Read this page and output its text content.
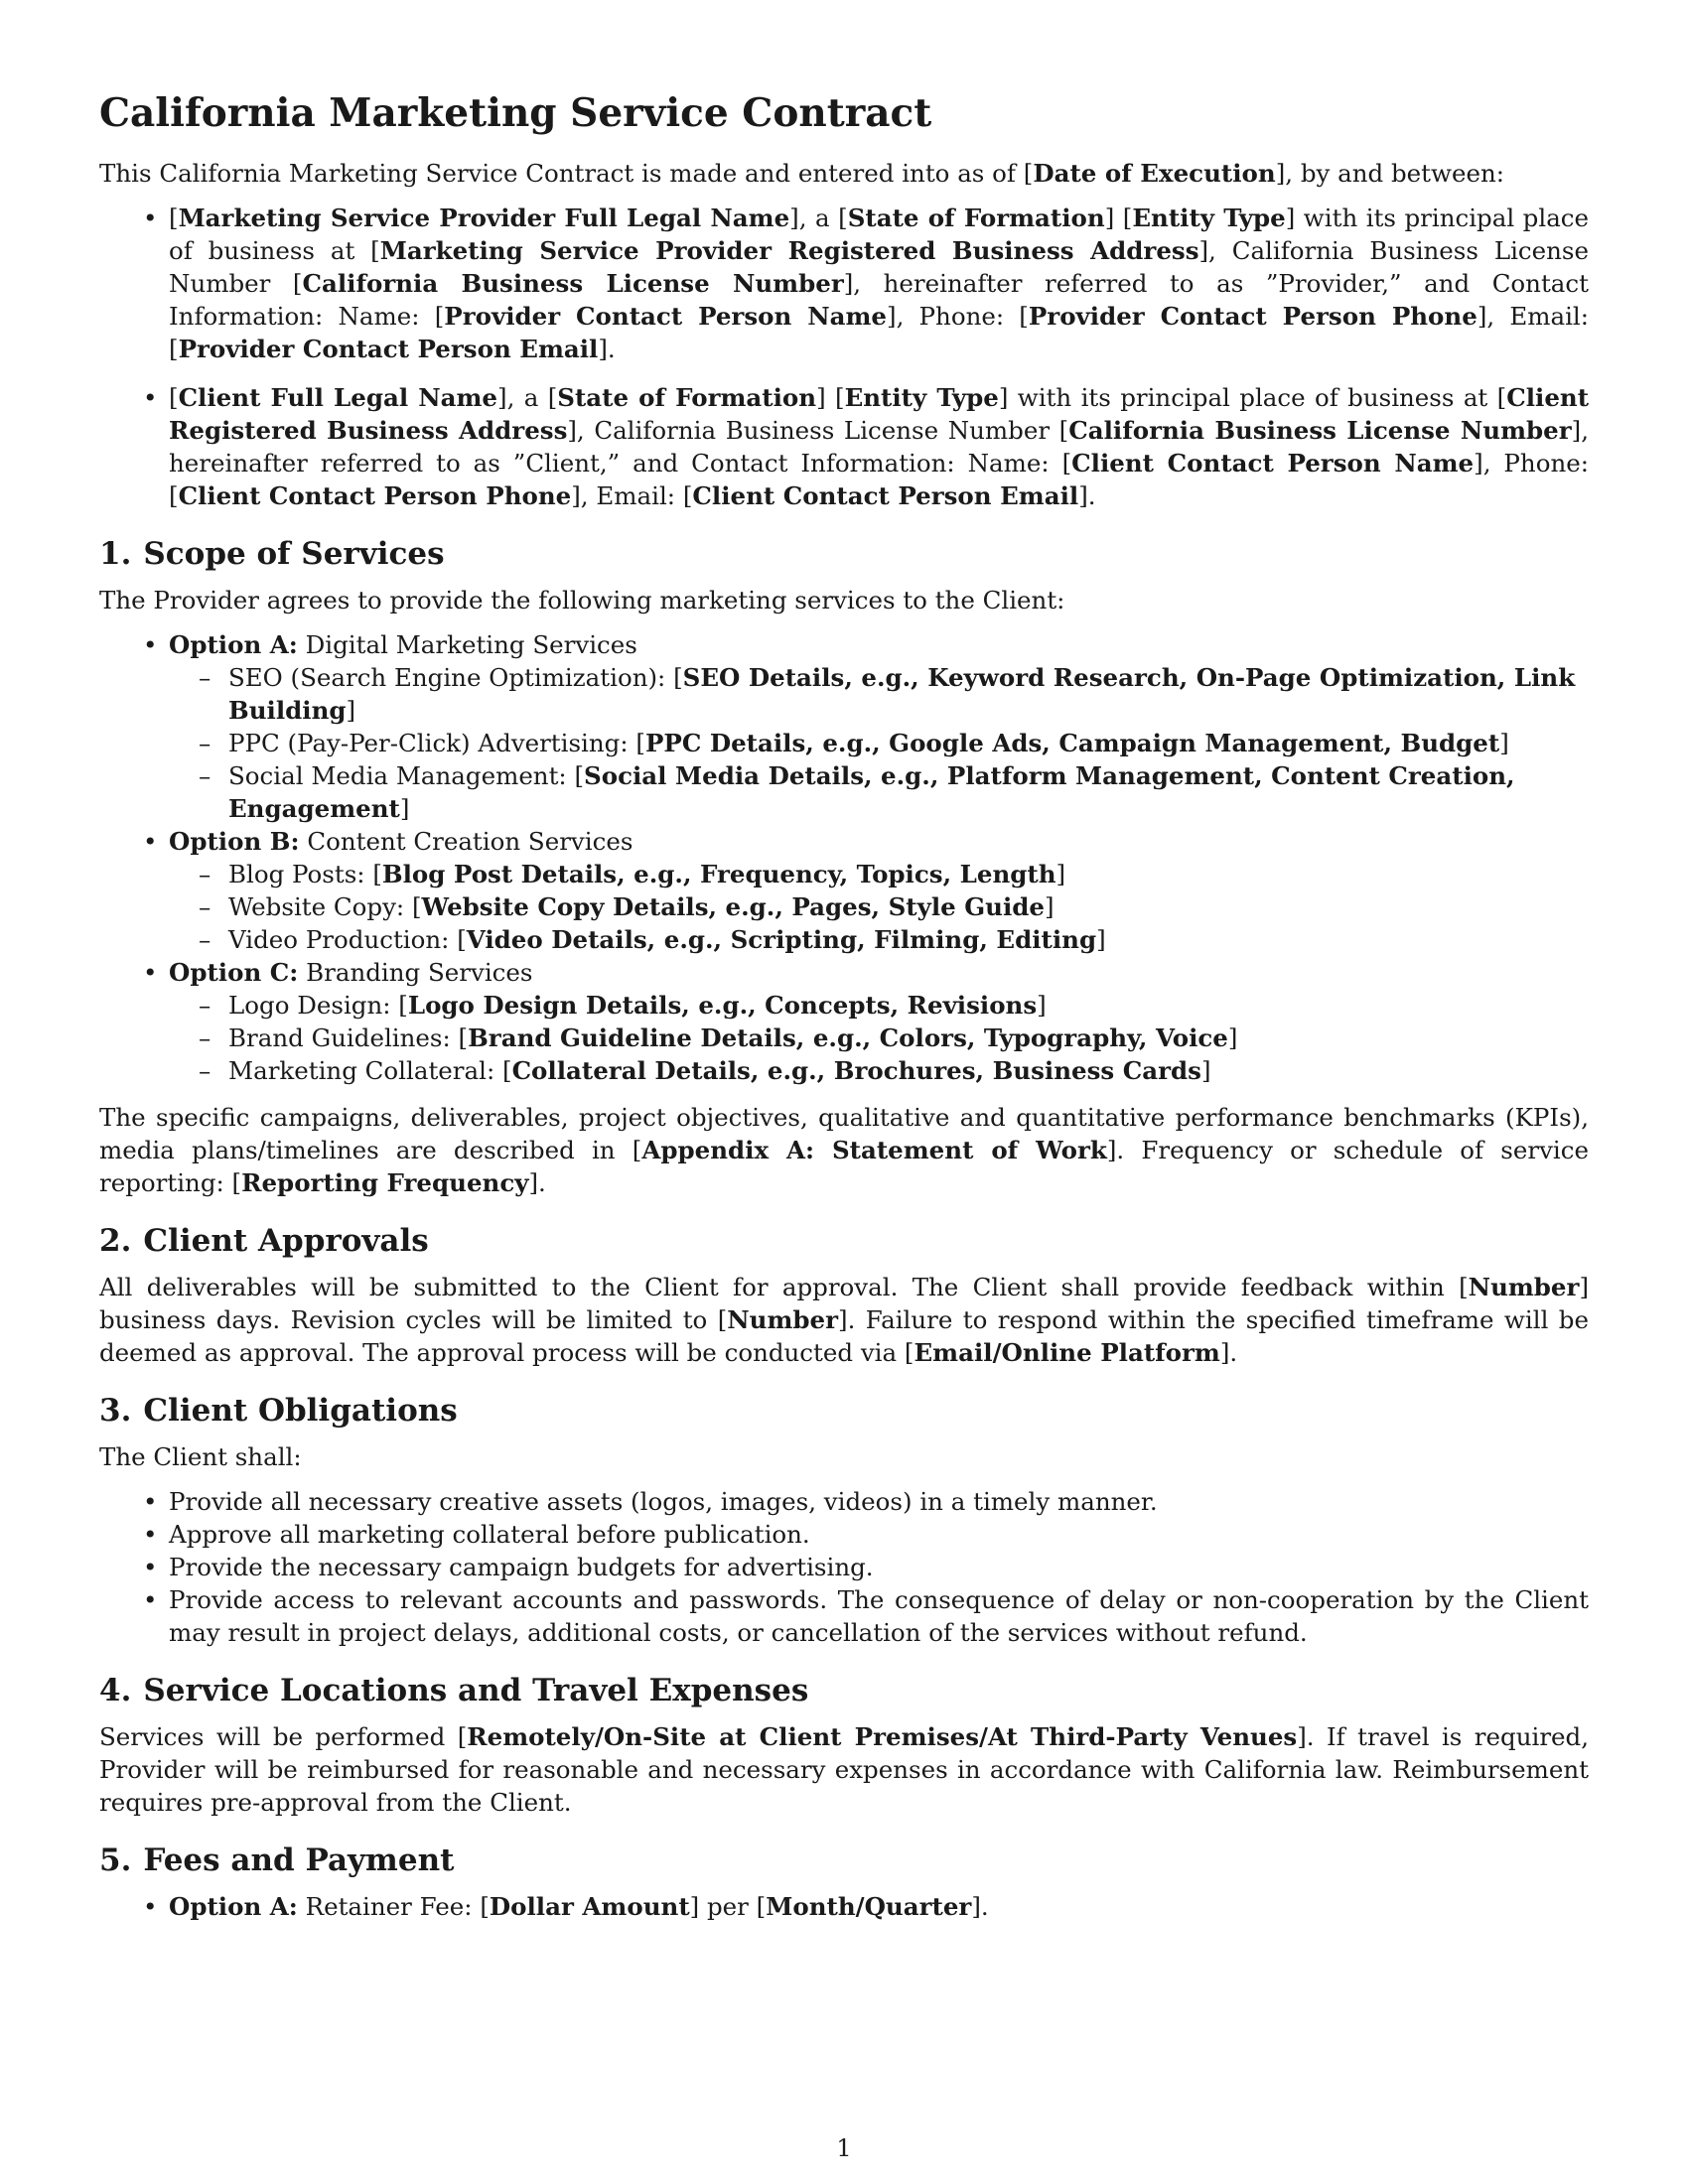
California Marketing Service Contract

This California Marketing Service Contract is made and entered into as of [Date of Execution], by and between:

• [Marketing Service Provider Full Legal Name], a [State of Formation] [Entity Type] with its principal place of business at [Marketing Service Provider Registered Business Address], California Business License Number [California Business License Number], hereinafter referred to as ”Provider,” and Contact Information: Name: [Provider Contact Person Name], Phone: [Provider Contact Person Phone], Email: [Provider Contact Person Email].
• [Client Full Legal Name], a [State of Formation] [Entity Type] with its principal place of business at [Client Registered Business Address], California Business License Number [California Business License Number], hereinafter referred to as ”Client,” and Contact Information: Name: [Client Contact Person Name], Phone: [Client Contact Person Phone], Email: [Client Contact Person Email].
1. Scope of Services

The Provider agrees to provide the following marketing services to the Client:

• Option A: Digital Marketing Services
– SEO (Search Engine Optimization): [SEO Details, e.g., Keyword Research, On-Page Optimization, Link Building]
– PPC (Pay-Per-Click) Advertising: [PPC Details, e.g., Google Ads, Campaign Management, Budget]
– Social Media Management: [Social Media Details, e.g., Platform Management, Content Creation, Engagement]
• Option B: Content Creation Services
– Blog Posts: [Blog Post Details, e.g., Frequency, Topics, Length]
– Website Copy: [Website Copy Details, e.g., Pages, Style Guide]
– Video Production: [Video Details, e.g., Scripting, Filming, Editing]
• Option C: Branding Services
– Logo Design: [Logo Design Details, e.g., Concepts, Revisions]
– Brand Guidelines: [Brand Guideline Details, e.g., Colors, Typography, Voice]
– Marketing Collateral: [Collateral Details, e.g., Brochures, Business Cards]

The specific campaigns, deliverables, project objectives, qualitative and quantitative performance benchmarks (KPIs), media plans/timelines are described in [Appendix A: Statement of Work]. Frequency or schedule of service reporting: [Reporting Frequency].

2. Client Approvals

All deliverables will be submitted to the Client for approval. The Client shall provide feedback within [Number] business days. Revision cycles will be limited to [Number]. Failure to respond within the specified timeframe will be deemed as approval. The approval process will be conducted via [Email/Online Platform].

3. Client Obligations

The Client shall:

• Provide all necessary creative assets (logos, images, videos) in a timely manner.
• Approve all marketing collateral before publication.
• Provide the necessary campaign budgets for advertising.
• Provide access to relevant accounts and passwords. The consequence of delay or non-cooperation by the Client may result in project delays, additional costs, or cancellation of the services without refund.
4. Service Locations and Travel Expenses

Services will be performed [Remotely/On-Site at Client Premises/At Third-Party Venues]. If travel is required, Provider will be reimbursed for reasonable and necessary expenses in accordance with California law. Reimbursement requires pre-approval from the Client.

5. Fees and Payment
• Option A: Retainer Fee: [Dollar Amount] per [Month/Quarter].
1
